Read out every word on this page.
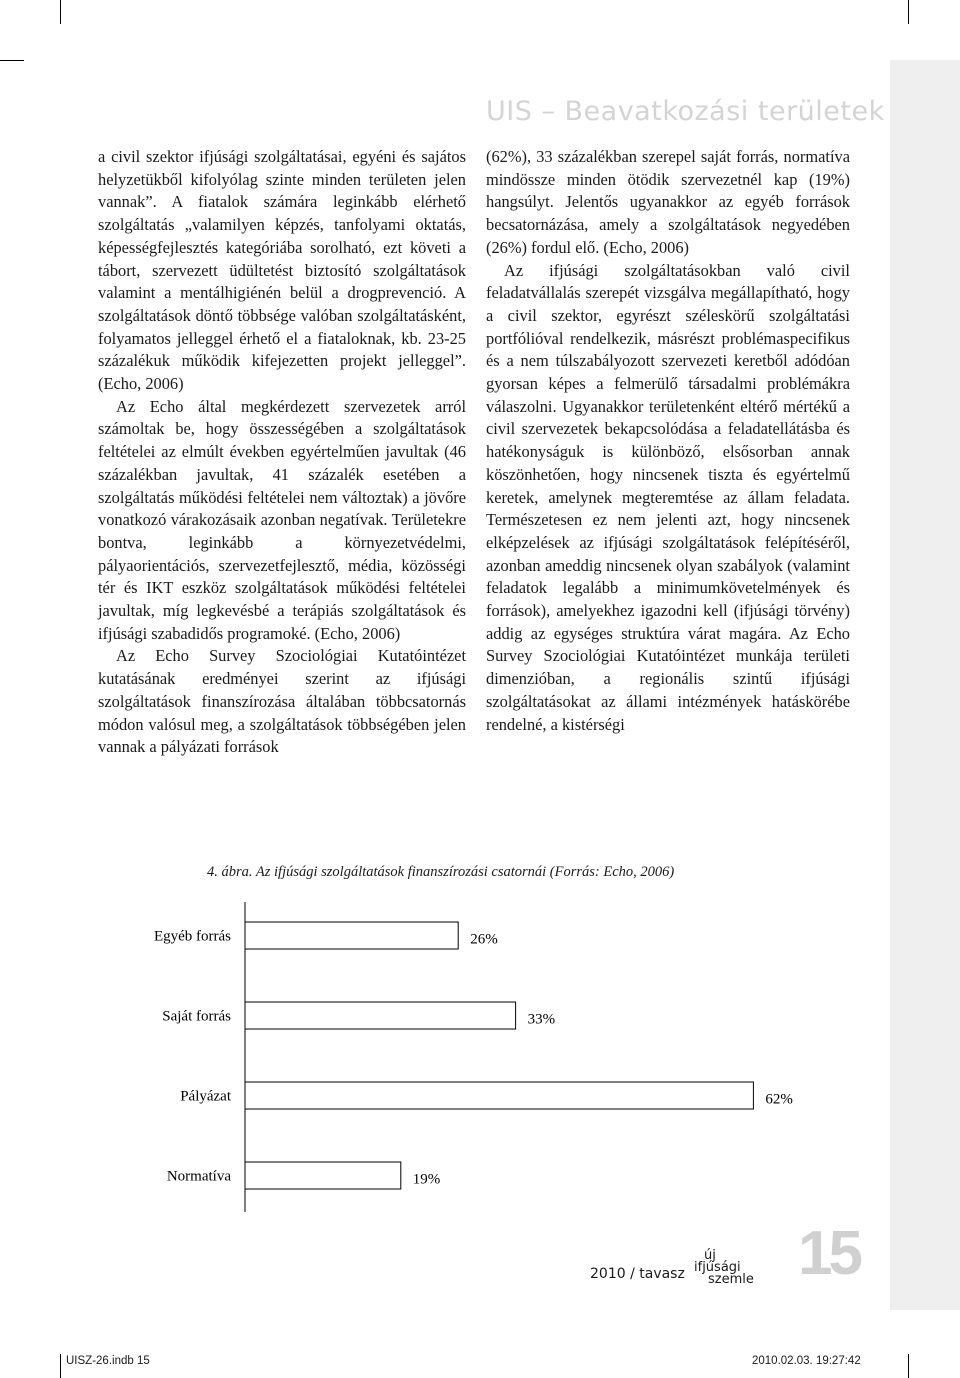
UIS – Beavatkozási területek

a civil szektor ifjúsági szolgáltatásai, egyéni és sajátos helyzetükből kifolyólag szinte minden területen jelen vannak”. A fiatalok számára leginkább elérhető szolgáltatás „valamilyen képzés, tanfolyami oktatás, képességfejlesztés kategóriába sorolható, ezt követi a tábort, szervezett üdültetést biztosító szolgáltatások valamint a mentálhigiénén belül a drogprevenció. A szolgáltatások döntő többsége valóban szolgáltatásként, folyamatos jelleggel érhető el a fiataloknak, kb. 23-25 százalékuk működik kifejezetten projekt jelleggel”. (Echo, 2006)

Az Echo által megkérdezett szervezetek arról számoltak be, hogy összességében a szolgáltatások feltételei az elmúlt években egyértelműen javultak (46 százalékban javultak, 41 százalék esetében a szolgáltatás működési feltételei nem változtak) a jövőre vonatkozó várakozásaik azonban negatívak. Területekre bontva, leginkább a környezetvédelmi, pályaorientációs, szervezetfejlesztő, média, közösségi tér és IKT eszköz szolgáltatások működési feltételei javultak, míg legkevésbé a terápiás szolgáltatások és ifjúsági szabadidős programoké. (Echo, 2006)

Az Echo Survey Szociológiai Kutatóintézet kutatásának eredményei szerint az ifjúsági szolgáltatások finanszírozása általában többcsatornás módon valósul meg, a szolgáltatások többségében jelen vannak a pályázati források

(62%), 33 százalékban szerepel saját forrás, normatíva mindössze minden ötödik szervezetnél kap (19%) hangsúlyt. Jelentős ugyanakkor az egyéb források becsatornázása, amely a szolgáltatások negyedében (26%) fordul elő. (Echo, 2006)

Az ifjúsági szolgáltatásokban való civil feladatvállalás szerepét vizsgálva megállapítható, hogy a civil szektor, egyrészt széleskörű szolgáltatási portfólióval rendelkezik, másrészt problémaspecifikus és a nem túlszabályozott szervezeti keretből adódóan gyorsan képes a felmerülő társadalmi problémákra válaszolni. Ugyanakkor területenként eltérő mértékű a civil szervezetek bekapcsolódása a feladatellátásba és hatékonyságuk is különböző, elsősorban annak köszönhetően, hogy nincsenek tiszta és egyértelmű keretek, amelynek megteremtése az állam feladata. Természetesen ez nem jelenti azt, hogy nincsenek elképzelések az ifjúsági szolgáltatások felépítéséről, azonban ameddig nincsenek olyan szabályok (valamint feladatok legalább a minimumkövetelmények és források), amelyekhez igazodni kell (ifjúsági törvény) addig az egységes struktúra várat magára. Az Echo Survey Szociológiai Kutatóintézet munkája területi dimenzióban, a regionális szintű ifjúsági szolgáltatásokat az állami intézmények hatáskörébe rendelné, a kistérségi

4. ábra. Az ifjúsági szolgáltatások finanszírozási csatornái (Forrás: Echo, 2006)
Egyéb forrás	26%
Saját forrás	33%
Pályázat	62%
Normatíva	19%
2010 / tavasz
új
ifjúsági
szemle 15
UISZ-26.indb 15	2010.02.03. 19:27:42
